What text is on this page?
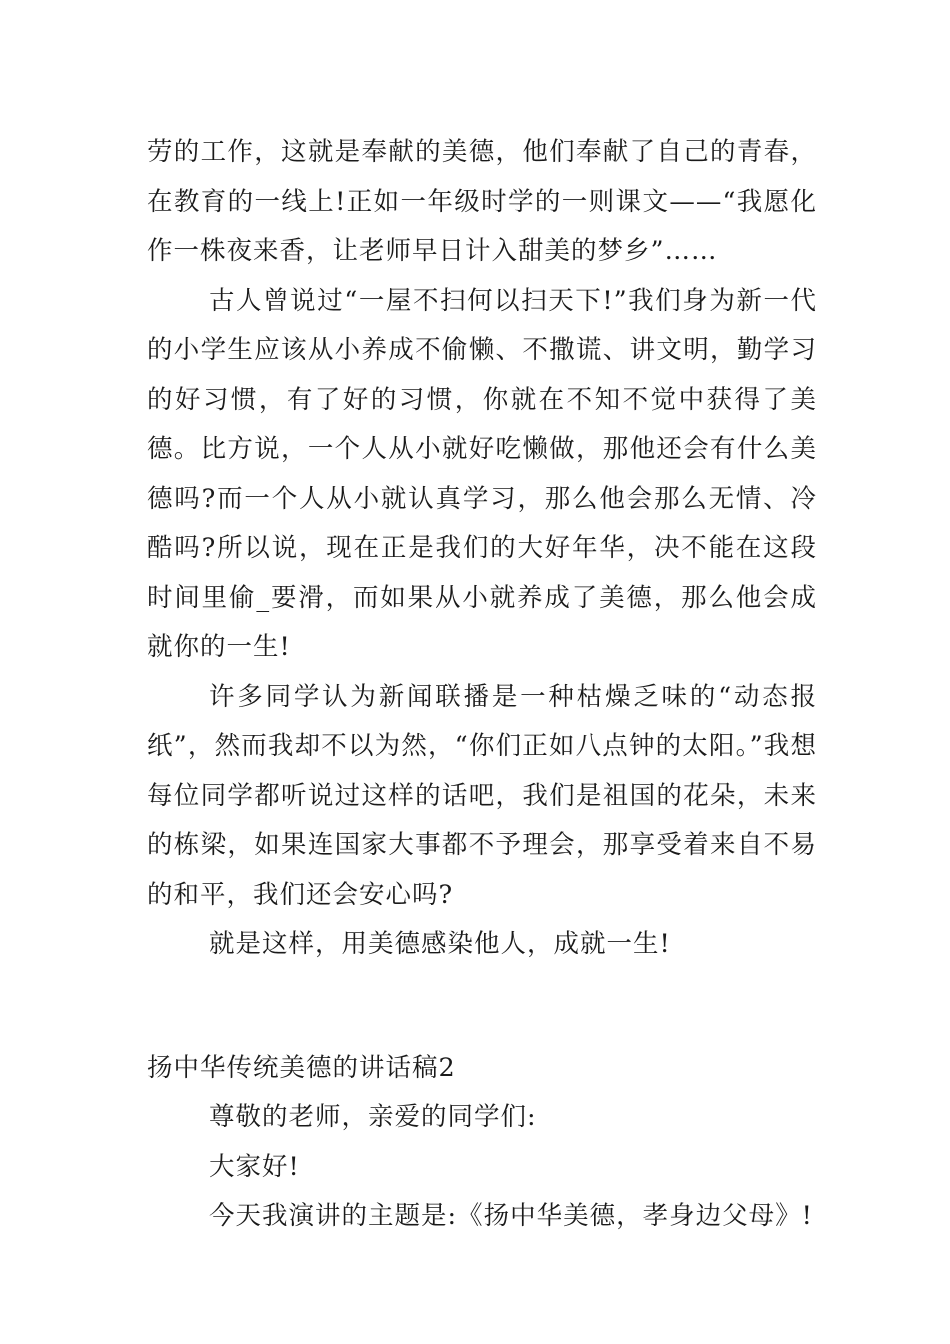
劳的工作，这就是奉献的美德，他们奉献了自己的青春，在教育的一线上!正如一年级时学的一则课文——“我愿化作一株夜来香，让老师早日计入甜美的梦乡”……

古人曾说过“一屋不扫何以扫天下!”我们身为新一代的小学生应该从小养成不偷懒、不撒谎、讲文明，勤学习的好习惯，有了好的习惯，你就在不知不觉中获得了美德。比方说，一个人从小就好吃懒做，那他还会有什么美德吗?而一个人从小就认真学习，那么他会那么无情、冷酷吗?所以说，现在正是我们的大好年华，决不能在这段时间里偷_要滑，而如果从小就养成了美德，那么他会成就你的一生!

许多同学认为新闻联播是一种枯燥乏味的“动态报纸”，然而我却不以为然，“你们正如八点钟的太阳。”我想每位同学都听说过这样的话吧，我们是祖国的花朵，未来的栋梁，如果连国家大事都不予理会，那享受着来自不易的和平，我们还会安心吗?

就是这样，用美德感染他人，成就一生!

扬中华传统美德的讲话稿2

尊敬的老师，亲爱的同学们:

大家好!

今天我演讲的主题是:《扬中华美德，孝身边父母》!
